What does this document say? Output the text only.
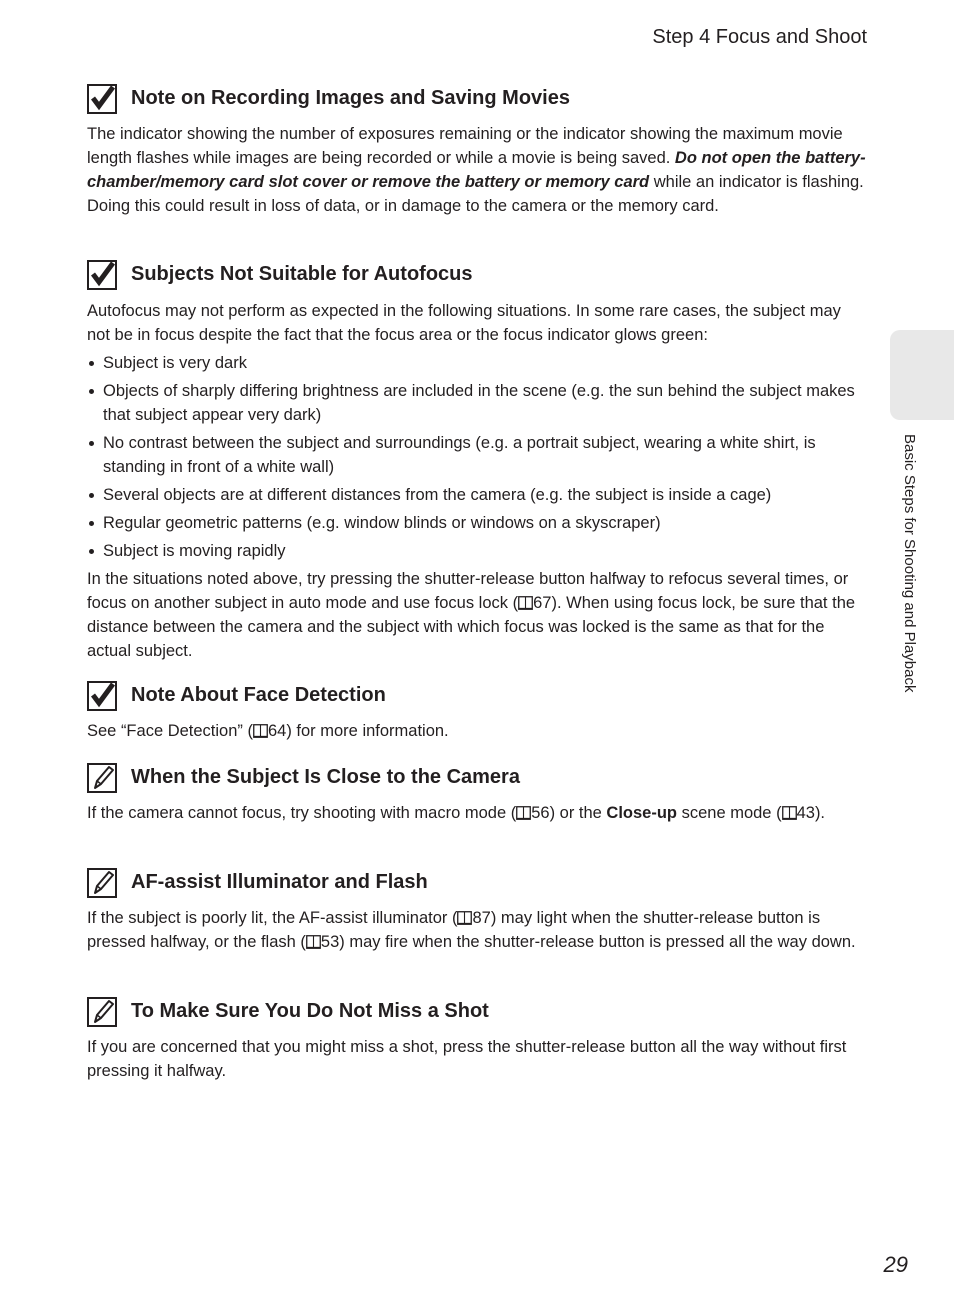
Step 4 Focus and Shoot
Basic Steps for Shooting and Playback
Note on Recording Images and Saving Movies

The indicator showing the number of exposures remaining or the indicator showing the maximum movie length flashes while images are being recorded or while a movie is being saved. Do not open the battery-chamber/memory card slot cover or remove the battery or memory card while an indicator is flashing. Doing this could result in loss of data, or in damage to the camera or the memory card.

Subjects Not Suitable for Autofocus

Autofocus may not perform as expected in the following situations. In some rare cases, the subject may not be in focus despite the fact that the focus area or the focus indicator glows green:

Subject is very dark
Objects of sharply differing brightness are included in the scene (e.g. the sun behind the subject makes that subject appear very dark)
No contrast between the subject and surroundings (e.g. a portrait subject, wearing a white shirt, is standing in front of a white wall)
Several objects are at different distances from the camera (e.g. the subject is inside a cage)
Regular geometric patterns (e.g. window blinds or windows on a skyscraper)
Subject is moving rapidly

In the situations noted above, try pressing the shutter-release button halfway to refocus several times, or focus on another subject in auto mode and use focus lock ( 67). When using focus lock, be sure that the distance between the camera and the subject with which focus was locked is the same as that for the actual subject.

Note About Face Detection

See “Face Detection” ( 64) for more information.

When the Subject Is Close to the Camera

If the camera cannot focus, try shooting with macro mode ( 56) or the Close-up scene mode ( 43).

AF-assist Illuminator and Flash

If the subject is poorly lit, the AF-assist illuminator ( 87) may light when the shutter-release button is pressed halfway, or the flash ( 53) may fire when the shutter-release button is pressed all the way down.

To Make Sure You Do Not Miss a Shot

If you are concerned that you might miss a shot, press the shutter-release button all the way without first pressing it halfway.

29
